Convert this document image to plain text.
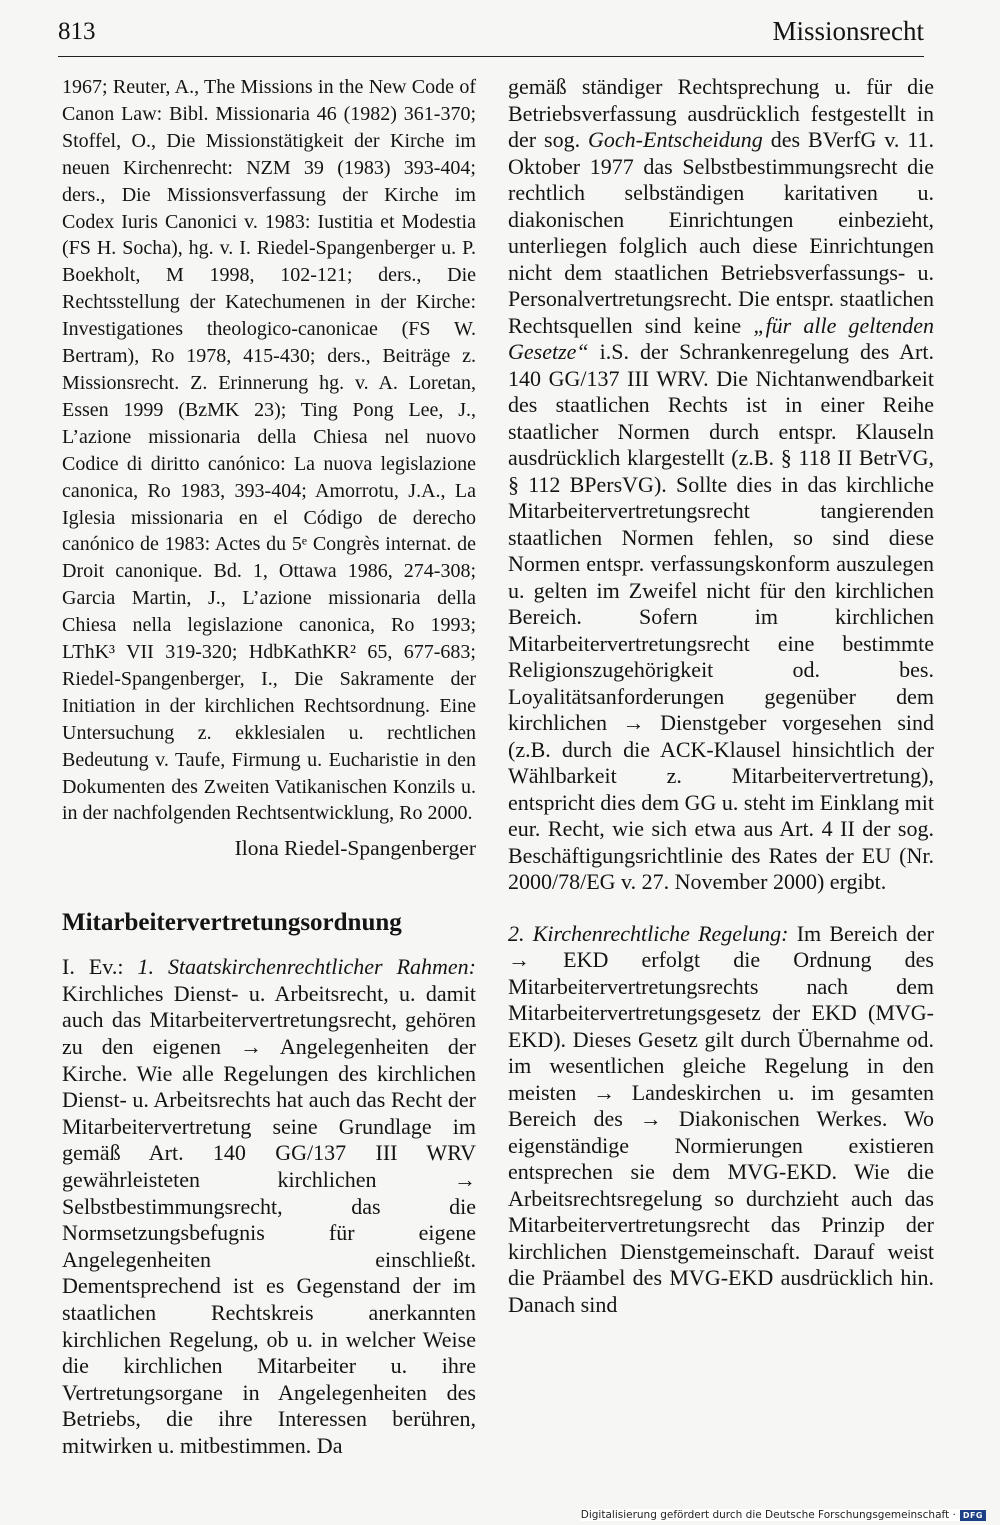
813	Missionsrecht

1967; Reuter, A., The Missions in the New Code of Canon Law: Bibl. Missionaria 46 (1982) 361-370; Stoffel, O., Die Missionstätigkeit der Kirche im neuen Kirchenrecht: NZM 39 (1983) 393-404; ders., Die Missionsverfassung der Kirche im Codex Iuris Canonici v. 1983: Iustitia et Modestia (FS H. Socha), hg. v. I. Riedel-Spangenberger u. P. Boekholt, M 1998, 102-121; ders., Die Rechtsstellung der Katechumenen in der Kirche: Investigationes theologico-canonicae (FS W. Bertram), Ro 1978, 415-430; ders., Beiträge z. Missionsrecht. Z. Erinnerung hg. v. A. Loretan, Essen 1999 (BzMK 23); Ting Pong Lee, J., L’azione missionaria della Chiesa nel nuovo Codice di diritto canónico: La nuova legislazione canonica, Ro 1983, 393-404; Amorrotu, J.A., La Iglesia missionaria en el Código de derecho canónico de 1983: Actes du 5ᵉ Congrès internat. de Droit canonique. Bd. 1, Ottawa 1986, 274-308; Garcia Martin, J., L’azione missionaria della Chiesa nella legislazione canonica, Ro 1993; LThK³ VII 319-320; HdbKathKR² 65, 677-683; Riedel-Spangenberger, I., Die Sakramente der Initiation in der kirchlichen Rechtsordnung. Eine Untersuchung z. ekklesialen u. rechtlichen Bedeutung v. Taufe, Firmung u. Eucharistie in den Dokumenten des Zweiten Vatikanischen Konzils u. in der nachfolgenden Rechtsentwicklung, Ro 2000.

Ilona Riedel-Spangenberger

Mitarbeitervertretungsordnung

I. Ev.: 1. Staatskirchenrechtlicher Rahmen: Kirchliches Dienst- u. Arbeitsrecht, u. damit auch das Mitarbeitervertretungsrecht, gehören zu den eigenen → Angelegenheiten der Kirche. Wie alle Regelungen des kirchlichen Dienst- u. Arbeitsrechts hat auch das Recht der Mitarbeitervertretung seine Grundlage im gemäß Art. 140 GG/137 III WRV gewährleisteten kirchlichen → Selbstbestimmungsrecht, das die Normsetzungsbefugnis für eigene Angelegenheiten einschließt. Dementsprechend ist es Gegenstand der im staatlichen Rechtskreis anerkannten kirchlichen Regelung, ob u. in welcher Weise die kirchlichen Mitarbeiter u. ihre Vertretungsorgane in Angelegenheiten des Betriebs, die ihre Interessen berühren, mitwirken u. mitbestimmen. Da

gemäß ständiger Rechtsprechung u. für die Betriebsverfassung ausdrücklich festgestellt in der sog. Goch-Entscheidung des BVerfG v. 11. Oktober 1977 das Selbstbestimmungsrecht die rechtlich selbständigen karitativen u. diakonischen Einrichtungen einbezieht, unterliegen folglich auch diese Einrichtungen nicht dem staatlichen Betriebsverfassungs- u. Personalvertretungsrecht. Die entspr. staatlichen Rechtsquellen sind keine „für alle geltenden Gesetze“ i.S. der Schrankenregelung des Art. 140 GG/137 III WRV. Die Nichtanwendbarkeit des staatlichen Rechts ist in einer Reihe staatlicher Normen durch entspr. Klauseln ausdrücklich klargestellt (z.B. § 118 II BetrVG, § 112 BPersVG). Sollte dies in das kirchliche Mitarbeitervertretungsrecht tangierenden staatlichen Normen fehlen, so sind diese Normen entspr. verfassungskonform auszulegen u. gelten im Zweifel nicht für den kirchlichen Bereich. Sofern im kirchlichen Mitarbeitervertretungsrecht eine bestimmte Religionszugehörigkeit od. bes. Loyalitätsanforderungen gegenüber dem kirchlichen → Dienstgeber vorgesehen sind (z.B. durch die ACK-Klausel hinsichtlich der Wählbarkeit z. Mitarbeitervertretung), entspricht dies dem GG u. steht im Einklang mit eur. Recht, wie sich etwa aus Art. 4 II der sog. Beschäftigungsrichtlinie des Rates der EU (Nr. 2000/78/EG v. 27. November 2000) ergibt.

2. Kirchenrechtliche Regelung: Im Bereich der → EKD erfolgt die Ordnung des Mitarbeitervertretungsrechts nach dem Mitarbeitervertretungsgesetz der EKD (MVG-EKD). Dieses Gesetz gilt durch Übernahme od. im wesentlichen gleiche Regelung in den meisten → Landeskirchen u. im gesamten Bereich des → Diakonischen Werkes. Wo eigenständige Normierungen existieren entsprechen sie dem MVG-EKD. Wie die Arbeitsrechtsregelung so durchzieht auch das Mitarbeitervertretungsrecht das Prinzip der kirchlichen Dienstgemeinschaft. Darauf weist die Präambel des MVG-EKD ausdrücklich hin. Danach sind

Digitalisierung gefördert durch die Deutsche Forschungsgemeinschaft · DFG
